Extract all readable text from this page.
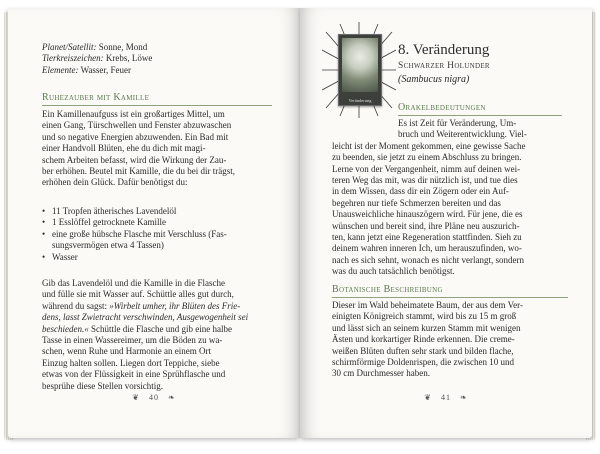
Planet/Satellit: Sonne, Mond
Tierkreiszeichen: Krebs, Löwe
Elemente: Wasser, Feuer
Ruhezauber mit Kamille
Ein Kamillenaufguss ist ein großartiges Mittel, um
einen Gang, Türschwellen und Fenster abzuwaschen
und so negative Energien abzuwenden. Ein Bad mit
einer Handvoll Blüten, ehe du dich mit magi-
schem Arbeiten befasst, wird die Wirkung der Zau-
ber erhöhen. Beutel mit Kamille, die du bei dir trägst,
erhöhen dein Glück. Dafür benötigst du:
• 11 Tropfen ätherisches Lavendelöl
• 1 Esslöffel getrocknete Kamille
• eine große hübsche Flasche mit Verschluss (Fas-
sungsvermögen etwa 4 Tassen)
• Wasser
Gib das Lavendelöl und die Kamille in die Flasche
und fülle sie mit Wasser auf. Schüttle alles gut durch,
während du sagst: »Wirbelt umher, ihr Blüten des Frie-
dens, lasst Zwietracht verschwinden, Ausgewogenheit sei
beschieden.« Schüttle die Flasche und gib eine halbe
Tasse in einen Wassereimer, um die Böden zu wa-
schen, wenn Ruhe und Harmonie an einem Ort
Einzug halten sollen. Liegen dort Teppiche, siebe
etwas von der Flüssigkeit in eine Sprühflasche und
besprühe diese Stellen vorsichtig.
❦ 40 ❧
Veränderung
8. Veränderung
Schwarzer Holunder
(Sambucus nigra)
Orakelbedeutungen
Es ist Zeit für Veränderung, Um-
bruch und Weiterentwicklung. Viel-
leicht ist der Moment gekommen, eine gewisse Sache
zu beenden, sie jetzt zu einem Abschluss zu bringen.
Lerne von der Vergangenheit, nimm auf deinen wei-
teren Weg das mit, was dir nützlich ist, und tue dies
in dem Wissen, dass dir ein Zögern oder ein Auf-
begehren nur tiefe Schmerzen bereiten und das
Unausweichliche hinauszögern wird. Für jene, die es
wünschen und bereit sind, ihre Pläne neu auszurich-
ten, kann jetzt eine Regeneration stattfinden. Sieh zu
deinem wahren inneren Ich, um herauszufinden, wo-
nach es sich sehnt, wonach es nicht verlangt, sondern
was du auch tatsächlich benötigst.
Botanische Beschreibung
Dieser im Wald beheimatete Baum, der aus dem Ver-
einigten Königreich stammt, wird bis zu 15 m groß
und lässt sich an seinem kurzen Stamm mit wenigen
Ästen und korkartiger Rinde erkennen. Die creme-
weißen Blüten duften sehr stark und bilden flache,
schirmförmige Doldenrispen, die zwischen 10 und
30 cm Durchmesser haben.
❦ 41 ❧
